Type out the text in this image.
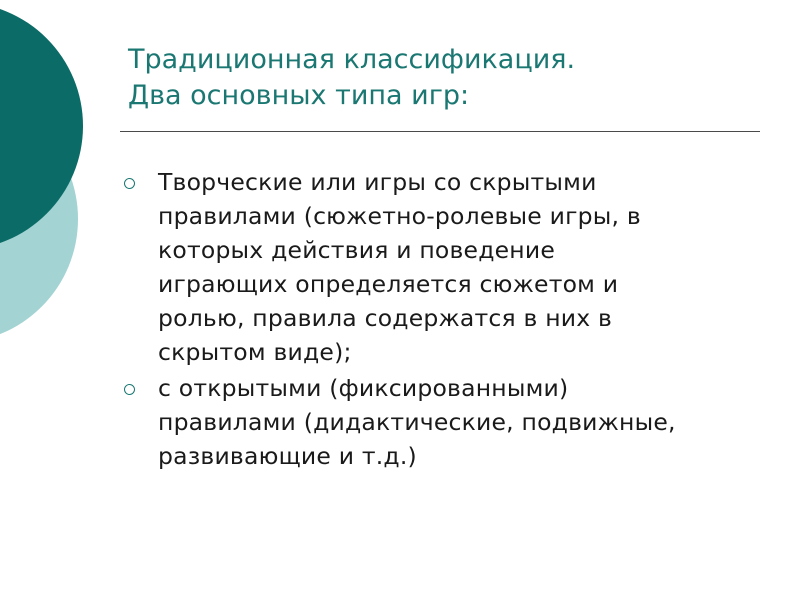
Традиционная классификация.
Два основных типа игр:
Творческие или игры со скрытыми
правилами (сюжетно-ролевые игры, в
которых действия и поведение
играющих определяется сюжетом и
ролью, правила содержатся в них в
скрытом виде);
с открытыми (фиксированными)
правилами (дидактические, подвижные,
развивающие и т.д.)
